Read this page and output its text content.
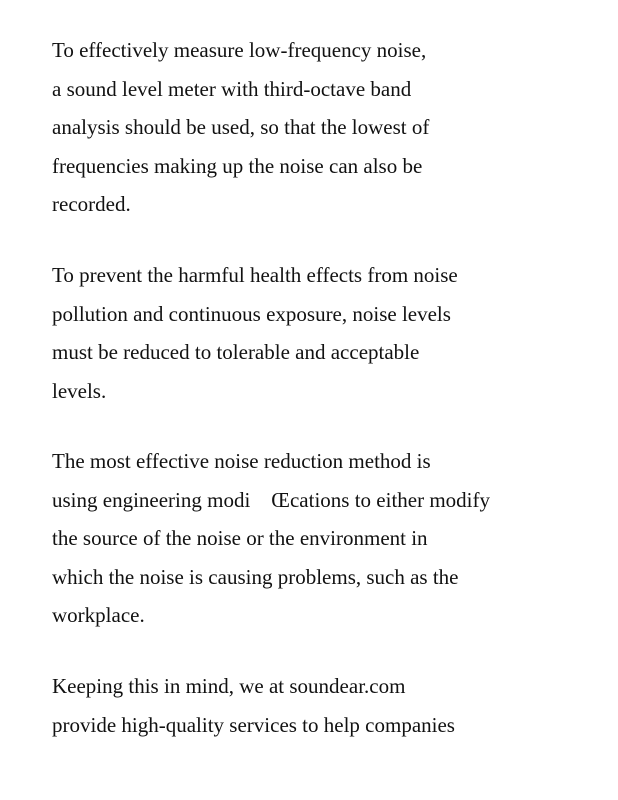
To effectively measure low-frequency noise,
a sound level meter with third-octave band
analysis should be used, so that the lowest of
frequencies making up the noise can also be
recorded.

To prevent the harmful health effects from noise
pollution and continuous exposure, noise levels
must be reduced to tolerable and acceptable
levels.

The most effective noise reduction method is
using engineering modi    Œcations to either modify
the source of the noise or the environment in
which the noise is causing problems, such as the
workplace.

Keeping this in mind, we at soundear.com
provide high-quality services to help companies
